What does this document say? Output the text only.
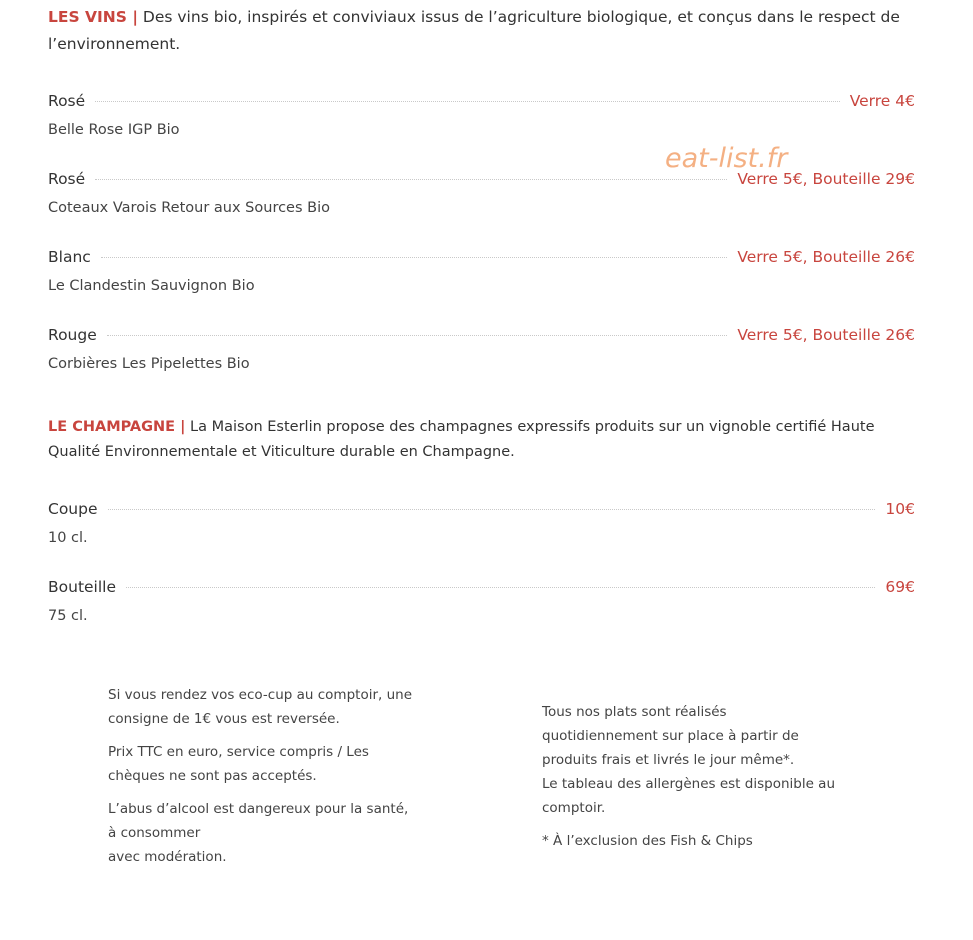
LES VINS | Des vins bio, inspirés et conviviaux issus de l’agriculture biologique, et conçus dans le respect de l’environnement.
Rosé	Verre 4€
Belle Rose IGP Bio
Rosé	Verre 5€, Bouteille 29€
Coteaux Varois Retour aux Sources Bio
Blanc	Verre 5€, Bouteille 26€
Le Clandestin Sauvignon Bio
Rouge	Verre 5€, Bouteille 26€
Corbières Les Pipelettes Bio
LE CHAMPAGNE | La Maison Esterlin propose des champagnes expressifs produits sur un vignoble certifié Haute Qualité Environnementale et Viticulture durable en Champagne.
Coupe	10€
10 cl.
Bouteille	69€
75 cl.
eat-list.fr

Si vous rendez vos eco-cup au comptoir, une
consigne de 1€ vous est reversée.

Prix TTC en euro, service compris / Les
chèques ne sont pas acceptés.

L’abus d’alcool est dangereux pour la santé,
à consommer
avec modération.

Tous nos plats sont réalisés
quotidiennement sur place à partir de
produits frais et livrés le jour même*.
Le tableau des allergènes est disponible au
comptoir.

* À l’exclusion des Fish & Chips
